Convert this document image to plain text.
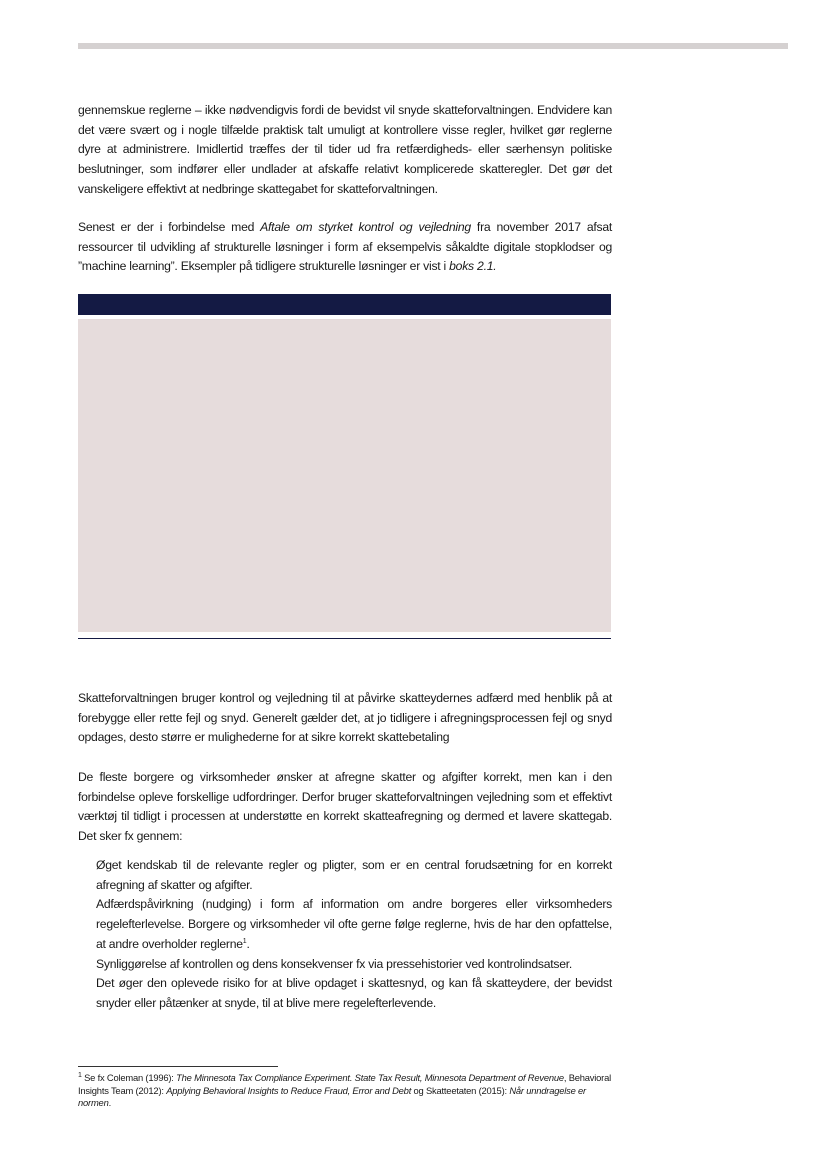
gennemskue reglerne – ikke nødvendigvis fordi de bevidst vil snyde skatteforvaltningen. Endvidere kan det være svært og i nogle tilfælde praktisk talt umuligt at kontrollere visse regler, hvilket gør reglerne dyre at administrere. Imidlertid træffes der til tider ud fra retfærdigheds- eller særhensyn politiske beslutninger, som indfører eller undlader at afskaffe relativt komplicerede skatteregler. Det gør det vanskeligere effektivt at nedbringe skattegabet for skatteforvaltningen.

Senest er der i forbindelse med Aftale om styrket kontrol og vejledning fra november 2017 afsat ressourcer til udvikling af strukturelle løsninger i form af eksempelvis såkaldte digitale stopklodser og ”machine learning”. Eksempler på tidligere strukturelle løsninger er vist i boks 2.1.

Skatteforvaltningen bruger kontrol og vejledning til at påvirke skatteydernes adfærd med henblik på at forebygge eller rette fejl og snyd. Generelt gælder det, at jo tidligere i afregningsprocessen fejl og snyd opdages, desto større er mulighederne for at sikre korrekt skattebetaling

De fleste borgere og virksomheder ønsker at afregne skatter og afgifter korrekt, men kan i den forbindelse opleve forskellige udfordringer. Derfor bruger skatteforvaltningen vejledning som et effektivt værktøj til tidligt i processen at understøtte en korrekt skatteafregning og dermed et lavere skattegab. Det sker fx gennem:

Øget kendskab til de relevante regler og pligter, som er en central forudsætning for en korrekt afregning af skatter og afgifter.
Adfærdspåvirkning (nudging) i form af information om andre borgeres eller virksomheders regelefterlevelse. Borgere og virksomheder vil ofte gerne følge reglerne, hvis de har den opfattelse, at andre overholder reglerne$^1$.
Synliggørelse af kontrollen og dens konsekvenser fx via pressehistorier ved kontrolindsatser.
Det øger den oplevede risiko for at blive opdaget i skattesnyd, og kan få skatteydere, der bevidst snyder eller påtænker at snyde, til at blive mere regelefterlevende.

$^1$ Se fx Coleman (1996): The Minnesota Tax Compliance Experiment. State Tax Result, Minnesota Department of Revenue, Behavioral Insights Team (2012): Applying Behavioral Insights to Reduce Fraud, Error and Debt og Skatteetaten (2015): Når unndragelse er normen.
